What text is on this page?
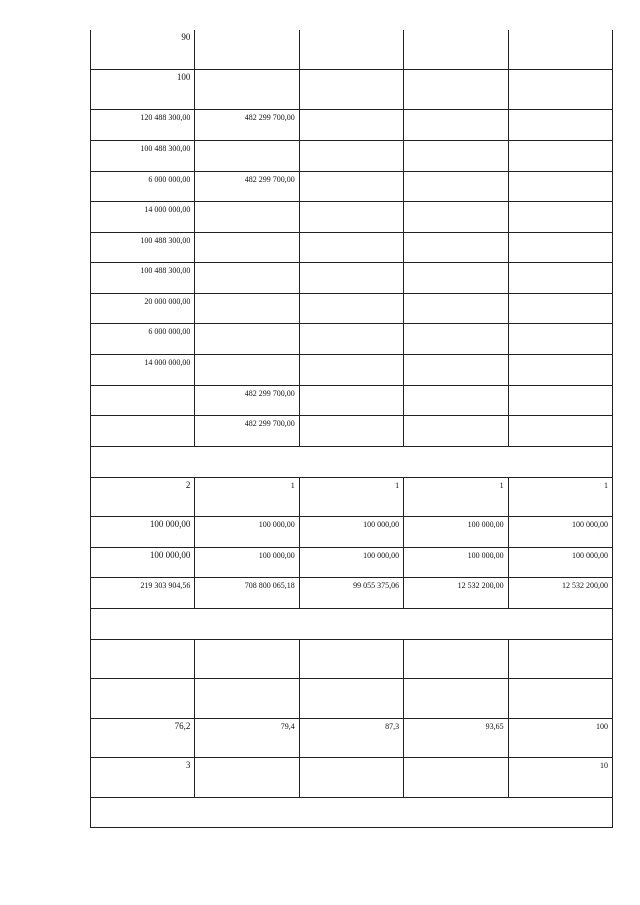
90				
100				
120 488 300,00	482 299 700,00			
100 488 300,00				
6 000 000,00	482 299 700,00			
14 000 000,00				
100 488 300,00				
100 488 300,00				
20 000 000,00				
6 000 000,00				
14 000 000,00				
	482 299 700,00			
	482 299 700,00			

2	1	1	1	1
100 000,00	100 000,00	100 000,00	100 000,00	100 000,00
100 000,00	100 000,00	100 000,00	100 000,00	100 000,00
219 303 904,56	708 800 065,18	99 055 375,06	12 532 200,00	12 532 200,00

76,2	79,4	87,3	93,65	100
3				10
